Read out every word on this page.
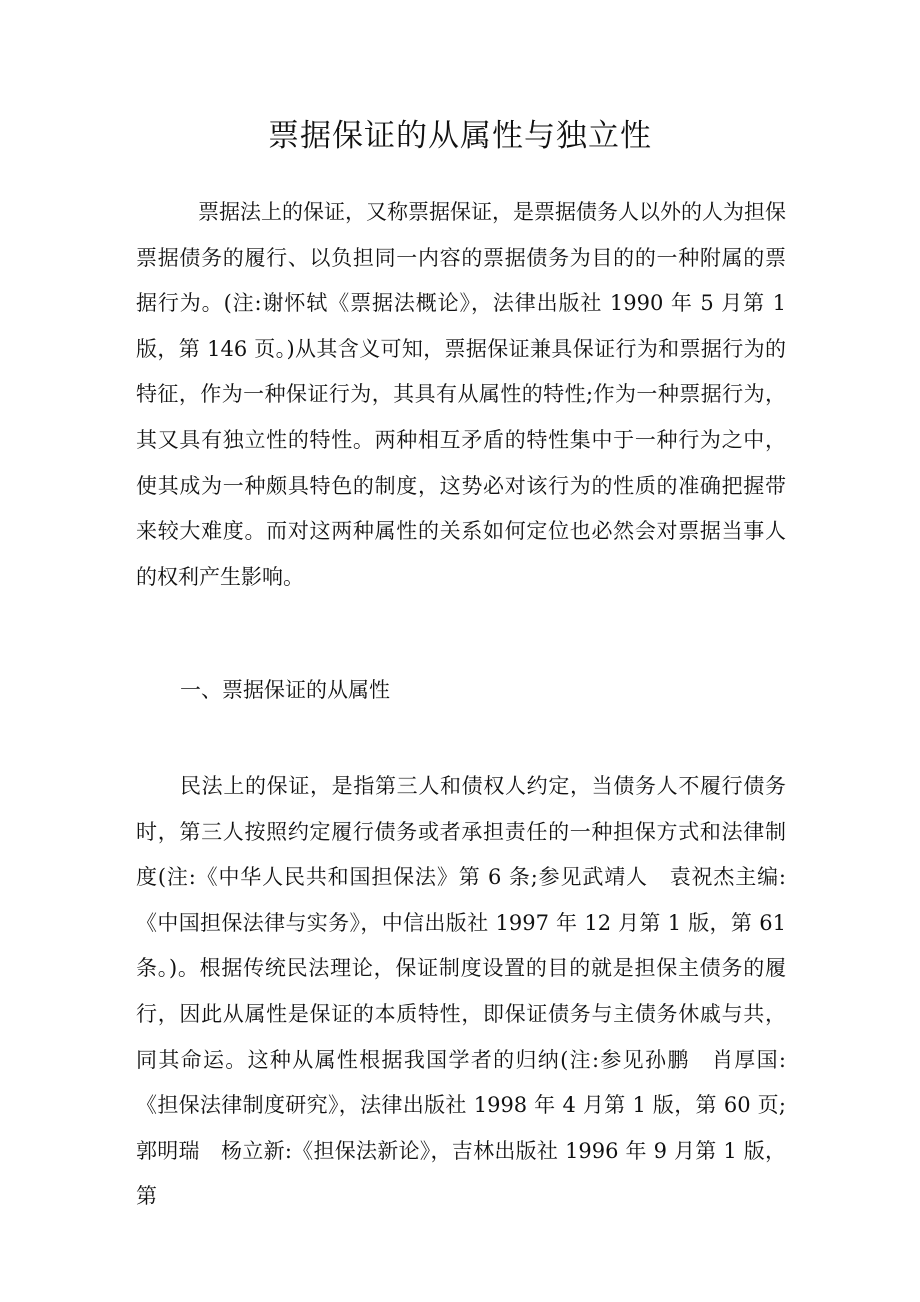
票据保证的从属性与独立性

票据法上的保证，又称票据保证，是票据债务人以外的人为担保票据债务的履行、以负担同一内容的票据债务为目的的一种附属的票据行为。(注:谢怀轼《票据法概论》，法律出版社 1990 年 5 月第 1 版，第 146 页。)从其含义可知，票据保证兼具保证行为和票据行为的特征，作为一种保证行为，其具有从属性的特性;作为一种票据行为，其又具有独立性的特性。两种相互矛盾的特性集中于一种行为之中，使其成为一种颇具特色的制度，这势必对该行为的性质的准确把握带来较大难度。而对这两种属性的关系如何定位也必然会对票据当事人的权利产生影响。

一、票据保证的从属性

民法上的保证，是指第三人和债权人约定，当债务人不履行债务时，第三人按照约定履行债务或者承担责任的一种担保方式和法律制度(注:《中华人民共和国担保法》第 6 条;参见武靖人　袁祝杰主编:《中国担保法律与实务》，中信出版社 1997 年 12 月第 1 版，第 61 条。)。根据传统民法理论，保证制度设置的目的就是担保主债务的履行，因此从属性是保证的本质特性，即保证债务与主债务休戚与共，同其命运。这种从属性根据我国学者的归纳(注:参见孙鹏　肖厚国:《担保法律制度研究》，法律出版社 1998 年 4 月第 1 版，第 60 页;郭明瑞　杨立新:《担保法新论》，吉林出版社 1996 年 9 月第 1 版，第
